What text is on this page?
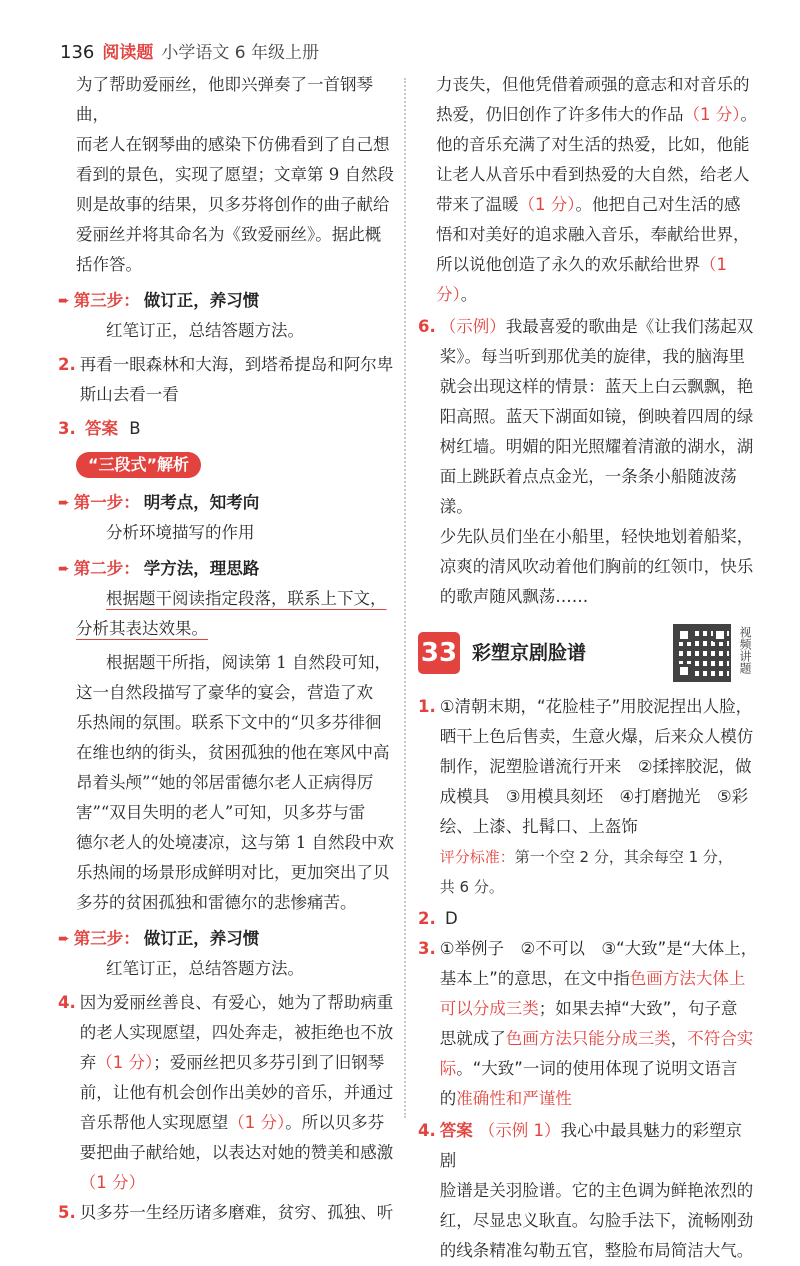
136 阅读题 小学语文 6 年级上册
为了帮助爱丽丝，他即兴弹奏了一首钢琴曲，
而老人在钢琴曲的感染下仿佛看到了自己想
看到的景色，实现了愿望；文章第 9 自然段
则是故事的结果，贝多芬将创作的曲子献给
爱丽丝并将其命名为《致爱丽丝》。据此概
括作答。
➨ 第三步： 做订正，养习惯
红笔订正，总结答题方法。
2. 再看一眼森林和大海，到塔希提岛和阿尔卑
斯山去看一看
3. 答案 B
“三段式”解析
➨ 第一步： 明考点，知考向
分析环境描写的作用
➨ 第二步： 学方法，理思路
根据题干阅读指定段落，联系上下文，
分析其表达效果。
根据题干所指，阅读第 1 自然段可知，
这一自然段描写了豪华的宴会，营造了欢
乐热闹的氛围。联系下文中的“贝多芬徘徊
在维也纳的街头，贫困孤独的他在寒风中高
昂着头颅”“她的邻居雷德尔老人正病得厉
害”“双目失明的老人”可知，贝多芬与雷
德尔老人的处境凄凉，这与第 1 自然段中欢
乐热闹的场景形成鲜明对比，更加突出了贝
多芬的贫困孤独和雷德尔的悲惨痛苦。
➨ 第三步： 做订正，养习惯
红笔订正，总结答题方法。
4. 因为爱丽丝善良、有爱心，她为了帮助病重
的老人实现愿望，四处奔走，被拒绝也不放
弃（1 分）；爱丽丝把贝多芬引到了旧钢琴
前，让他有机会创作出美妙的音乐，并通过
音乐帮他人实现愿望（1 分）。所以贝多芬
要把曲子献给她，以表达对她的赞美和感激
（1 分）
5. 贝多芬一生经历诸多磨难，贫穷、孤独、听
力丧失，但他凭借着顽强的意志和对音乐的
热爱，仍旧创作了许多伟大的作品（1 分）。
他的音乐充满了对生活的热爱，比如，他能
让老人从音乐中看到热爱的大自然，给老人
带来了温暖（1 分）。他把自己对生活的感
悟和对美好的追求融入音乐，奉献给世界，
所以说他创造了永久的欢乐献给世界（1分）。
6. （示例）我最喜爱的歌曲是《让我们荡起双
桨》。每当听到那优美的旋律，我的脑海里
就会出现这样的情景：蓝天上白云飘飘，艳
阳高照。蓝天下湖面如镜，倒映着四周的绿
树红墙。明媚的阳光照耀着清澈的湖水，湖
面上跳跃着点点金光，一条条小船随波荡漾。
少先队员们坐在小船里，轻快地划着船桨，
凉爽的清风吹动着他们胸前的红领巾，快乐
的歌声随风飘荡……
33 彩塑京剧脸谱	视频讲题
1. ①清朝末期，“花脸桂子”用胶泥捏出人脸，
晒干上色后售卖，生意火爆，后来众人模仿
制作，泥塑脸谱流行开来　②揉摔胶泥，做
成模具　③用模具刻坯　④打磨抛光　⑤彩
绘、上漆、扎髯口、上盔饰
评分标准：第一个空 2 分，其余每空 1 分，
共 6 分。
2. D
3. ①举例子　②不可以　③“大致”是“大体上，
基本上”的意思，在文中指色画方法大体上
可以分成三类；如果去掉“大致”，句子意
思就成了色画方法只能分成三类，不符合实
际。“大致”一词的使用体现了说明文语言
的准确性和严谨性
4. 答案 （示例 1）我心中最具魅力的彩塑京剧
脸谱是关羽脸谱。它的主色调为鲜艳浓烈的
红，尽显忠义耿直。勾脸手法下，流畅刚劲
的线条精准勾勒五官，整脸布局简洁大气。
